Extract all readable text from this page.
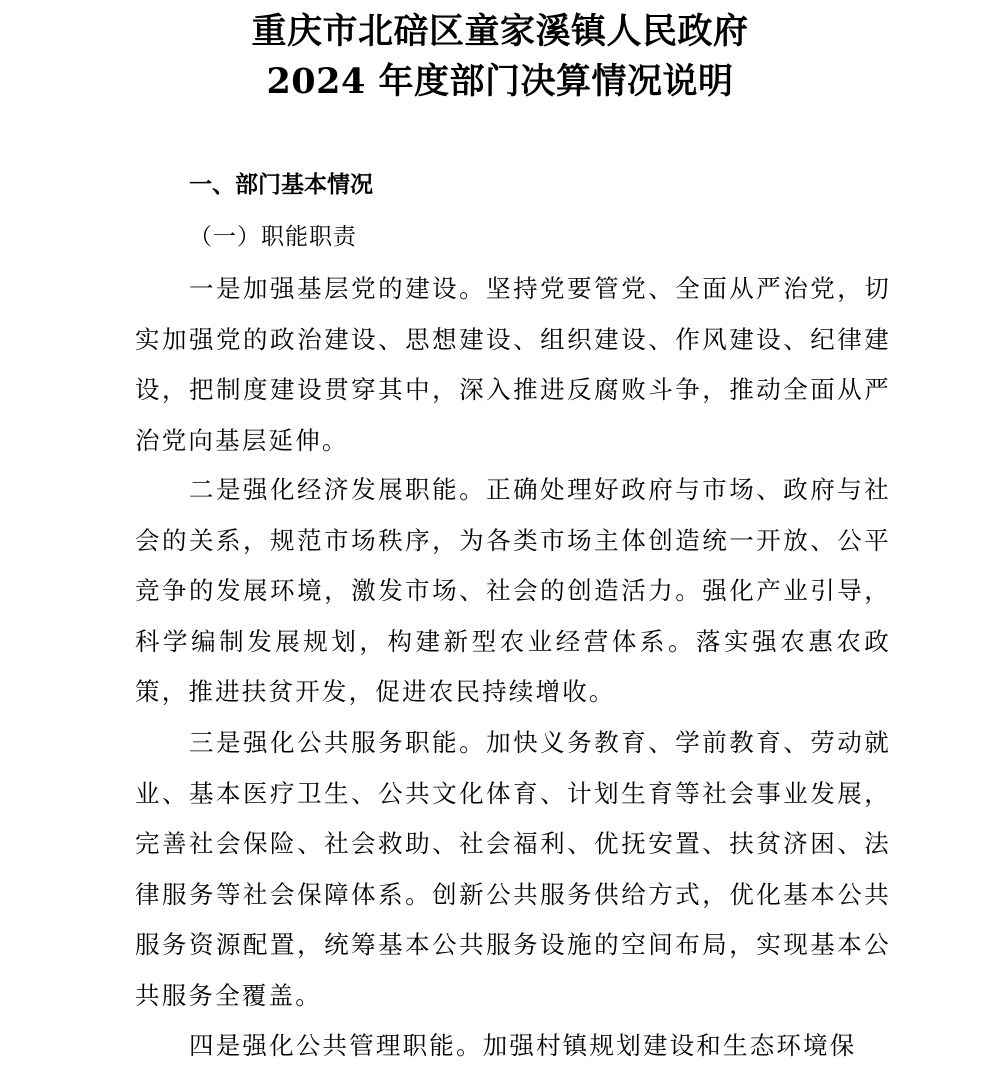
重庆市北碚区童家溪镇人民政府
2024 年度部门决算情况说明
一、部门基本情况
（一）职能职责

一是加强基层党的建设。坚持党要管党、全面从严治党，切实加强党的政治建设、思想建设、组织建设、作风建设、纪律建设，把制度建设贯穿其中，深入推进反腐败斗争，推动全面从严治党向基层延伸。

二是强化经济发展职能。正确处理好政府与市场、政府与社会的关系，规范市场秩序，为各类市场主体创造统一开放、公平竞争的发展环境，激发市场、社会的创造活力。强化产业引导，科学编制发展规划，构建新型农业经营体系。落实强农惠农政策，推进扶贫开发，促进农民持续增收。

三是强化公共服务职能。加快义务教育、学前教育、劳动就业、基本医疗卫生、公共文化体育、计划生育等社会事业发展，完善社会保险、社会救助、社会福利、优抚安置、扶贫济困、法律服务等社会保障体系。创新公共服务供给方式，优化基本公共服务资源配置，统筹基本公共服务设施的空间布局，实现基本公共服务全覆盖。

四是强化公共管理职能。加强村镇规划建设和生态环境保
